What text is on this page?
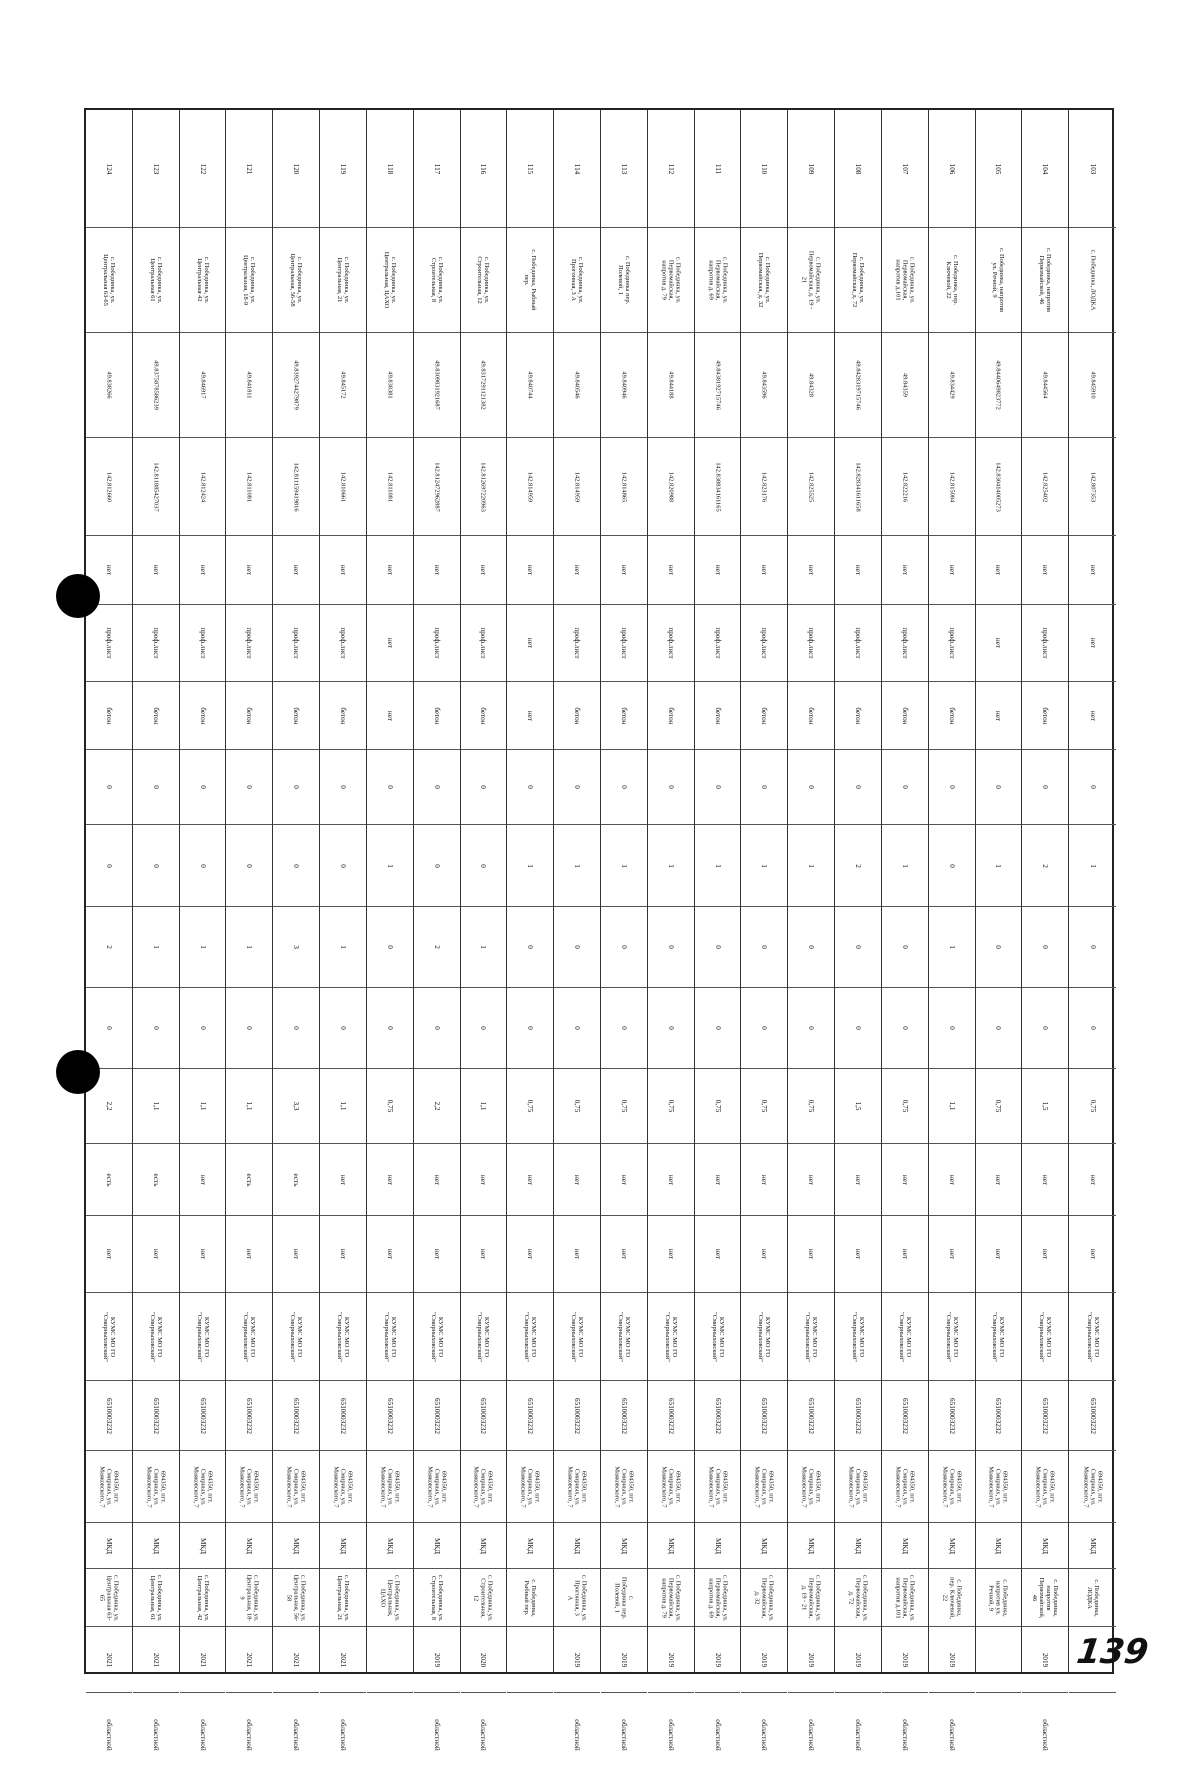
124
с. Побединка, ул.
Центральная 63-65
49.838266
142.812660
нет
проф.лист
бетон
0
0
2
0
2,2
есть
нет
КУМС МО ГО
"Смирныховский"
6510003232
694350, пгт.
Смирных, ул.
Маяковского, 7
МКД
с. Побединка, ул.
Центральная 63-
65
2021
областной
123
с. Побединка, ул.
Центральная 61
49.8375878586239
142.811885427037
нет
проф.лист
бетон
0
0
1
0
1,1
есть
нет
КУМС МО ГО
"Смирныховский"
6510003232
694350, пгт.
Смирных, ул.
Маяковского, 7
МКД
с. Побединка, ул.
Центральная, 61
2021
областной
122
с. Побединка, ул.
Центральная 42
49.846917
142.812424
нет
проф.лист
бетон
0
0
1
0
1,1
нет
нет
КУМС МО ГО
"Смирныховский"
6510003232
694350, пгт.
Смирных, ул.
Маяковского, 7
МКД
с. Побединка, ул.
Центральная, 42
2021
областной
121
с. Побединка, ул.
Центральная, 18-9
49.841811
142.811081
нет
проф.лист
бетон
0
0
1
0
1,1
есть
нет
КУМС МО ГО
"Смирныховский"
6510003232
694350, пгт.
Смирных, ул.
Маяковского, 7
МКД
с. Побединка, ул.
Центральная, 18-
9
2021
областной
120
с. Побединка, ул.
Центральная, 56-58
49.8392744279879
142.811159419816
нет
проф.лист
бетон
0
0
3
0
3,3
есть
нет
КУМС МО ГО
"Смирныховский"
6510003232
694350, пгт.
Смирных, ул.
Маяковского, 7
МКД
с. Побединка, ул.
Центральная, 56-
58
2021
областной
119
с. Побединка, ул.
Центральная, 21
49.845172
142.810661
нет
проф.лист
бетон
0
0
1
0
1,1
нет
нет
КУМС МО ГО
"Смирныховский"
6510003232
694350, пгт.
Смирных, ул.
Маяковского, 7
МКД
с. Побединка, ул.
Центральная, 21
2021
областной
118
с. Побединка, ул.
Центральная, ЦАХО
49.838381
142.811081
нет
нет
нет
0
1
0
0
0,75
нет
нет
КУМС МО ГО
"Смирныховский"
6510003232
694350, пгт.
Смирных, ул.
Маяковского, 7
МКД
с. Побединка, ул.
Центральная,
ЦАХО
117
с. Побединка, ул.
Строительная, 8
49.8309831921687
142.812472962887
нет
проф.лист
бетон
0
0
2
0
2,2
нет
нет
КУМС МО ГО
"Смирныховский"
6510003232
694350, пгт.
Смирных, ул.
Маяковского, 7
МКД
с. Побединка, ул.
Строительная, 8
2019
областной
116
с. Побединка, ул.
Строительная, 12
49.8317291121382
142.812697220963
нет
проф.лист
бетон
0
0
1
0
1,1
нет
нет
КУМС МО ГО
"Смирныховский"
6510003232
694350, пгт.
Смирных, ул.
Маяковского, 7
МКД
с. Побединка, ул.
Строительная,
12
2020
областной
115
с. Побединка, Рыбный
пер.
49.840744
142.814959
нет
нет
нет
0
1
0
0
0,75
нет
нет
КУМС МО ГО
"Смирныховский"
6510003232
694350, пгт.
Смирных, ул.
Маяковского, 7
МКД
с. Побединка,
Рыбный пер.
114
с. Побединка, ул.
Прогонная, 3 А
49.840546
142.814959
нет
проф.лист
бетон
0
1
0
0
0,75
нет
нет
КУМС МО ГО
"Смирныховский"
6510003232
694350, пгт.
Смирных, ул.
Маяковского, 7
МКД
с. Побединка, ул.
Прогонная, 3
А
2019
областной
113
с. Побединка пер.
Полевой, 1
49.840946
142.814865
нет
проф.лист
бетон
0
1
0
0
0,75
нет
нет
КУМС МО ГО
"Смирныховский"
6510003232
694350, пгт.
Смирных, ул.
Маяковского, 7
МКД
с.
Побединка пер.
Полевой, 1
2019
областной
112
с. Побединка, ул.
Первомайская,
напротив д. 79
49.844188
142.820988
нет
проф.лист
бетон
0
1
0
0
0,75
нет
нет
КУМС МО ГО
"Смирныховский"
6510003232
694350, пгт.
Смирных, ул.
Маяковского, 7
МКД
с. Побединка, ул.
Первомайская,
напротив д. 79
2019
областной
111
с. Побединка, ул.
Первомайская,
напротив д. 69
49.8438192715746
142.838834161165
нет
проф.лист
бетон
0
1
0
0
0,75
нет
нет
КУМС МО ГО
"Смирныховский"
6510003232
694350, пгт.
Смирных, ул.
Маяковского, 7
МКД
с. Побединка, ул.
Первомайская,
напротив д. 69
2019
областной
110
с. Побединка, ул.
Первомайская, д. 32
49.843596
142.823176
нет
проф.лист
бетон
0
1
0
0
0,75
нет
нет
КУМС МО ГО
"Смирныховский"
6510003232
694350, пгт.
Смирных, ул.
Маяковского, 7
МКД
с. Побединка, ул.
Первомайская,
д. 32
2019
областной
109
с. Побединка, ул.
Первомайская, д. 19 -
21
49.84328
142.825525
нет
проф.лист
бетон
0
1
0
0
0,75
нет
нет
КУМС МО ГО
"Смирныховский"
6510003232
694350, пгт.
Смирных, ул.
Маяковского, 7
МКД
с. Побединка, ул.
Первомайская,
д. 19 - 21
2019
областной
108
с. Побединка, ул.
Первомайская, д. 72
49.8428319715746
142.828341611658
нет
проф.лист
бетон
0
2
0
0
1,5
нет
нет
КУМС МО ГО
"Смирныховский"
6510003232
694350, пгт.
Смирных, ул.
Маяковского, 7
МКД
с. Побединка, ул.
Первомайская,
д. 72
2019
областной
107
с. Побединка, ул.
Первомайская,
напротив д.101
49.84359
142.822216
нет
проф.лист
бетон
0
1
0
0
0,75
нет
нет
КУМС МО ГО
"Смирныховский"
6510003232
694350, пгт.
Смирных, ул.
Маяковского, 7
МКД
с. Побединка, ул.
Первомайская,
напротив д.101
2019
областной
106
с. Побединка, пер.
Ключевой, 22
49.834429
142.815084
нет
проф.лист
бетон
0
0
1
0
1,1
нет
нет
КУМС МО ГО
"Смирныховский"
6510003232
694350, пгт.
Смирных, ул.
Маяковского, 7
МКД
с. Побединка,
пер. Ключевой,
22
2019
областной
105
с. Побединка, напротив
ул. Речной, 9
49.8440649823772
142.830414005273
нет
нет
нет
0
1
0
0
0,75
нет
нет
КУМС МО ГО
"Смирныховский"
6510003232
694350, пгт.
Смирных, ул.
Маяковского, 7
МКД
с. Побединка,
напротив ул.
Речной, 9
104
с. Побединка, напротив
Первомайской, 46
49.844564
142.825402
нет
проф.лист
бетон
0
2
0
0
1,5
нет
нет
КУМС МО ГО
"Смирныховский"
6510003232
694350, пгт.
Смирных, ул.
Маяковского, 7
МКД
с. Побединка,
напротив
Первомайской,
46
2019
областной
103
с. Побединка, ЛОДКА
49.845910
142.807353
нет
нет
нет
0
1
0
0
0,75
нет
нет
КУМС МО ГО
"Смирныховский"
6510003232
694350, пгт.
Смирных, ул.
Маяковского, 7
МКД
с. Побединка,
ЛОДКА
139
